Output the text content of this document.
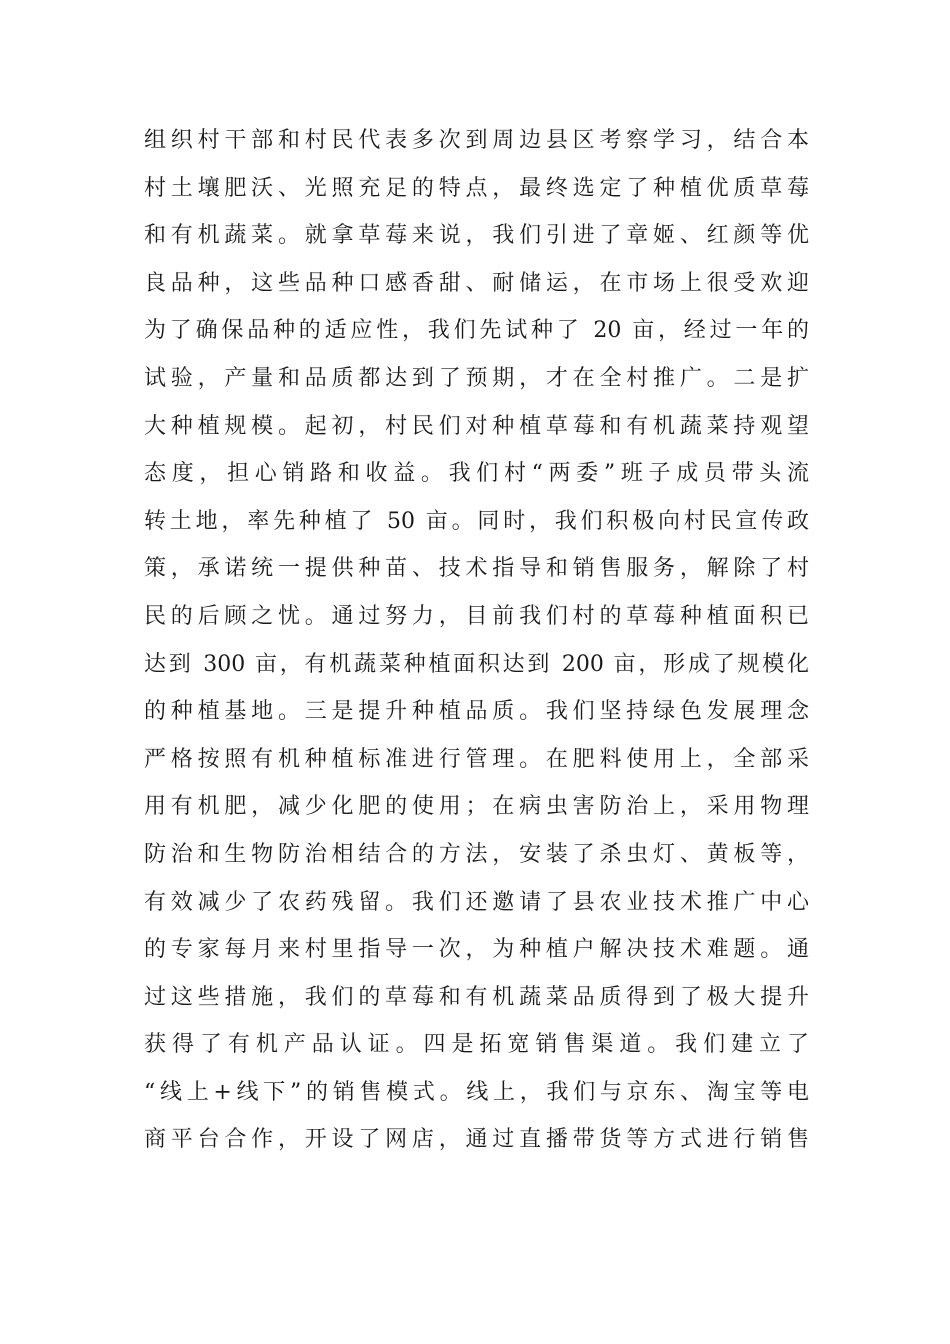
组织村干部和村民代表多次到周边县区考察学习，结合本
村土壤肥沃、光照充足的特点，最终选定了种植优质草莓
和有机蔬菜。就拿草莓来说，我们引进了章姬、红颜等优
良品种，这些品种口感香甜、耐储运，在市场上很受欢迎
为了确保品种的适应性，我们先试种了 20 亩，经过一年的
试验，产量和品质都达到了预期，才在全村推广。二是扩
大种植规模。起初，村民们对种植草莓和有机蔬菜持观望
态度，担心销路和收益。我们村“两委”班子成员带头流
转土地，率先种植了 50 亩。同时，我们积极向村民宣传政
策，承诺统一提供种苗、技术指导和销售服务，解除了村
民的后顾之忧。通过努力，目前我们村的草莓种植面积已
达到 300 亩，有机蔬菜种植面积达到 200 亩，形成了规模化
的种植基地。三是提升种植品质。我们坚持绿色发展理念
严格按照有机种植标准进行管理。在肥料使用上，全部采
用有机肥，减少化肥的使用；在病虫害防治上，采用物理
防治和生物防治相结合的方法，安装了杀虫灯、黄板等，
有效减少了农药残留。我们还邀请了县农业技术推广中心
的专家每月来村里指导一次，为种植户解决技术难题。通
过这些措施，我们的草莓和有机蔬菜品质得到了极大提升
获得了有机产品认证。四是拓宽销售渠道。我们建立了
“线上+线下”的销售模式。线上，我们与京东、淘宝等电
商平台合作，开设了网店，通过直播带货等方式进行销售
